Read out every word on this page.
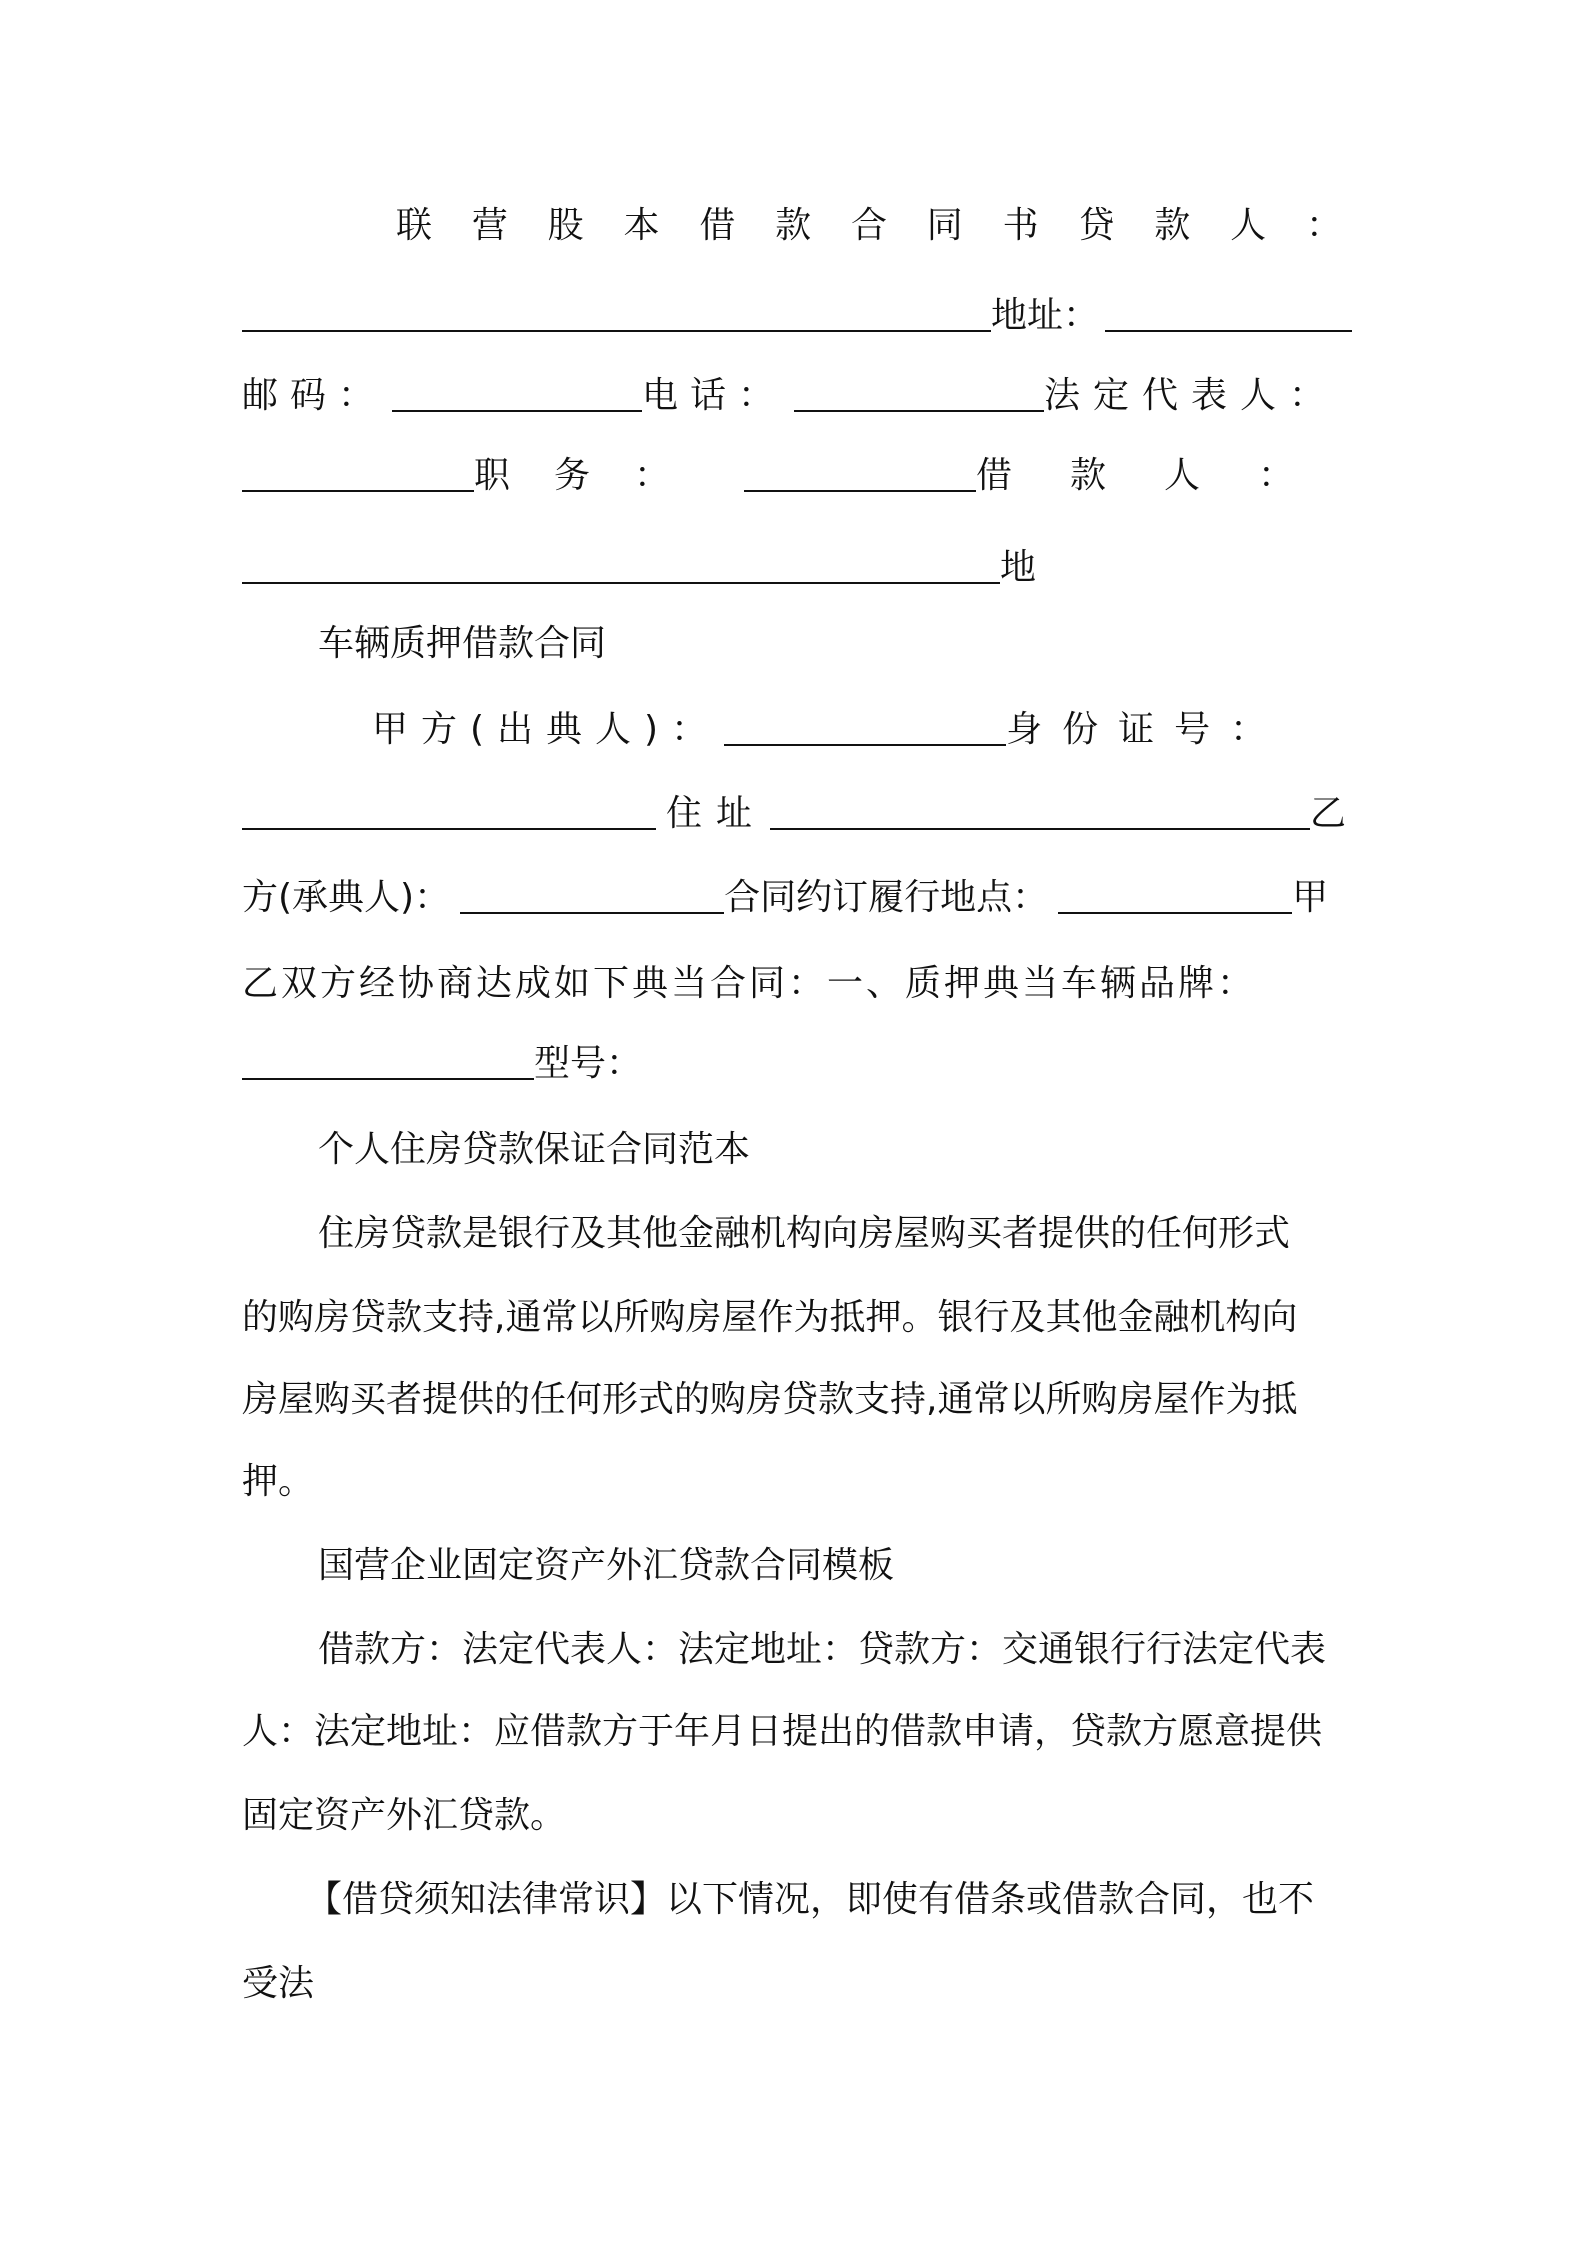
联 营 股 本 借 款 合 同 书 贷 款 人 ：
地址：
邮码：	电话：	法定代表人：
职务：	借款人：
地
车辆质押借款合同
甲方(出典人)：	身份证号：
住址	乙
方(承典人)：	合同约订履行地点：	甲
乙双方经协商达成如下典当合同：一、质押典当车辆品牌：
型号：
个人住房贷款保证合同范本
住房贷款是银行及其他金融机构向房屋购买者提供的任何形式
的购房贷款支持,通常以所购房屋作为抵押。银行及其他金融机构向
房屋购买者提供的任何形式的购房贷款支持,通常以所购房屋作为抵
押。
国营企业固定资产外汇贷款合同模板
借款方：法定代表人：法定地址：贷款方：交通银行行法定代表
人：法定地址：应借款方于年月日提出的借款申请，贷款方愿意提供
固定资产外汇贷款。
【借贷须知法律常识】以下情况，即使有借条或借款合同，也不
受法
